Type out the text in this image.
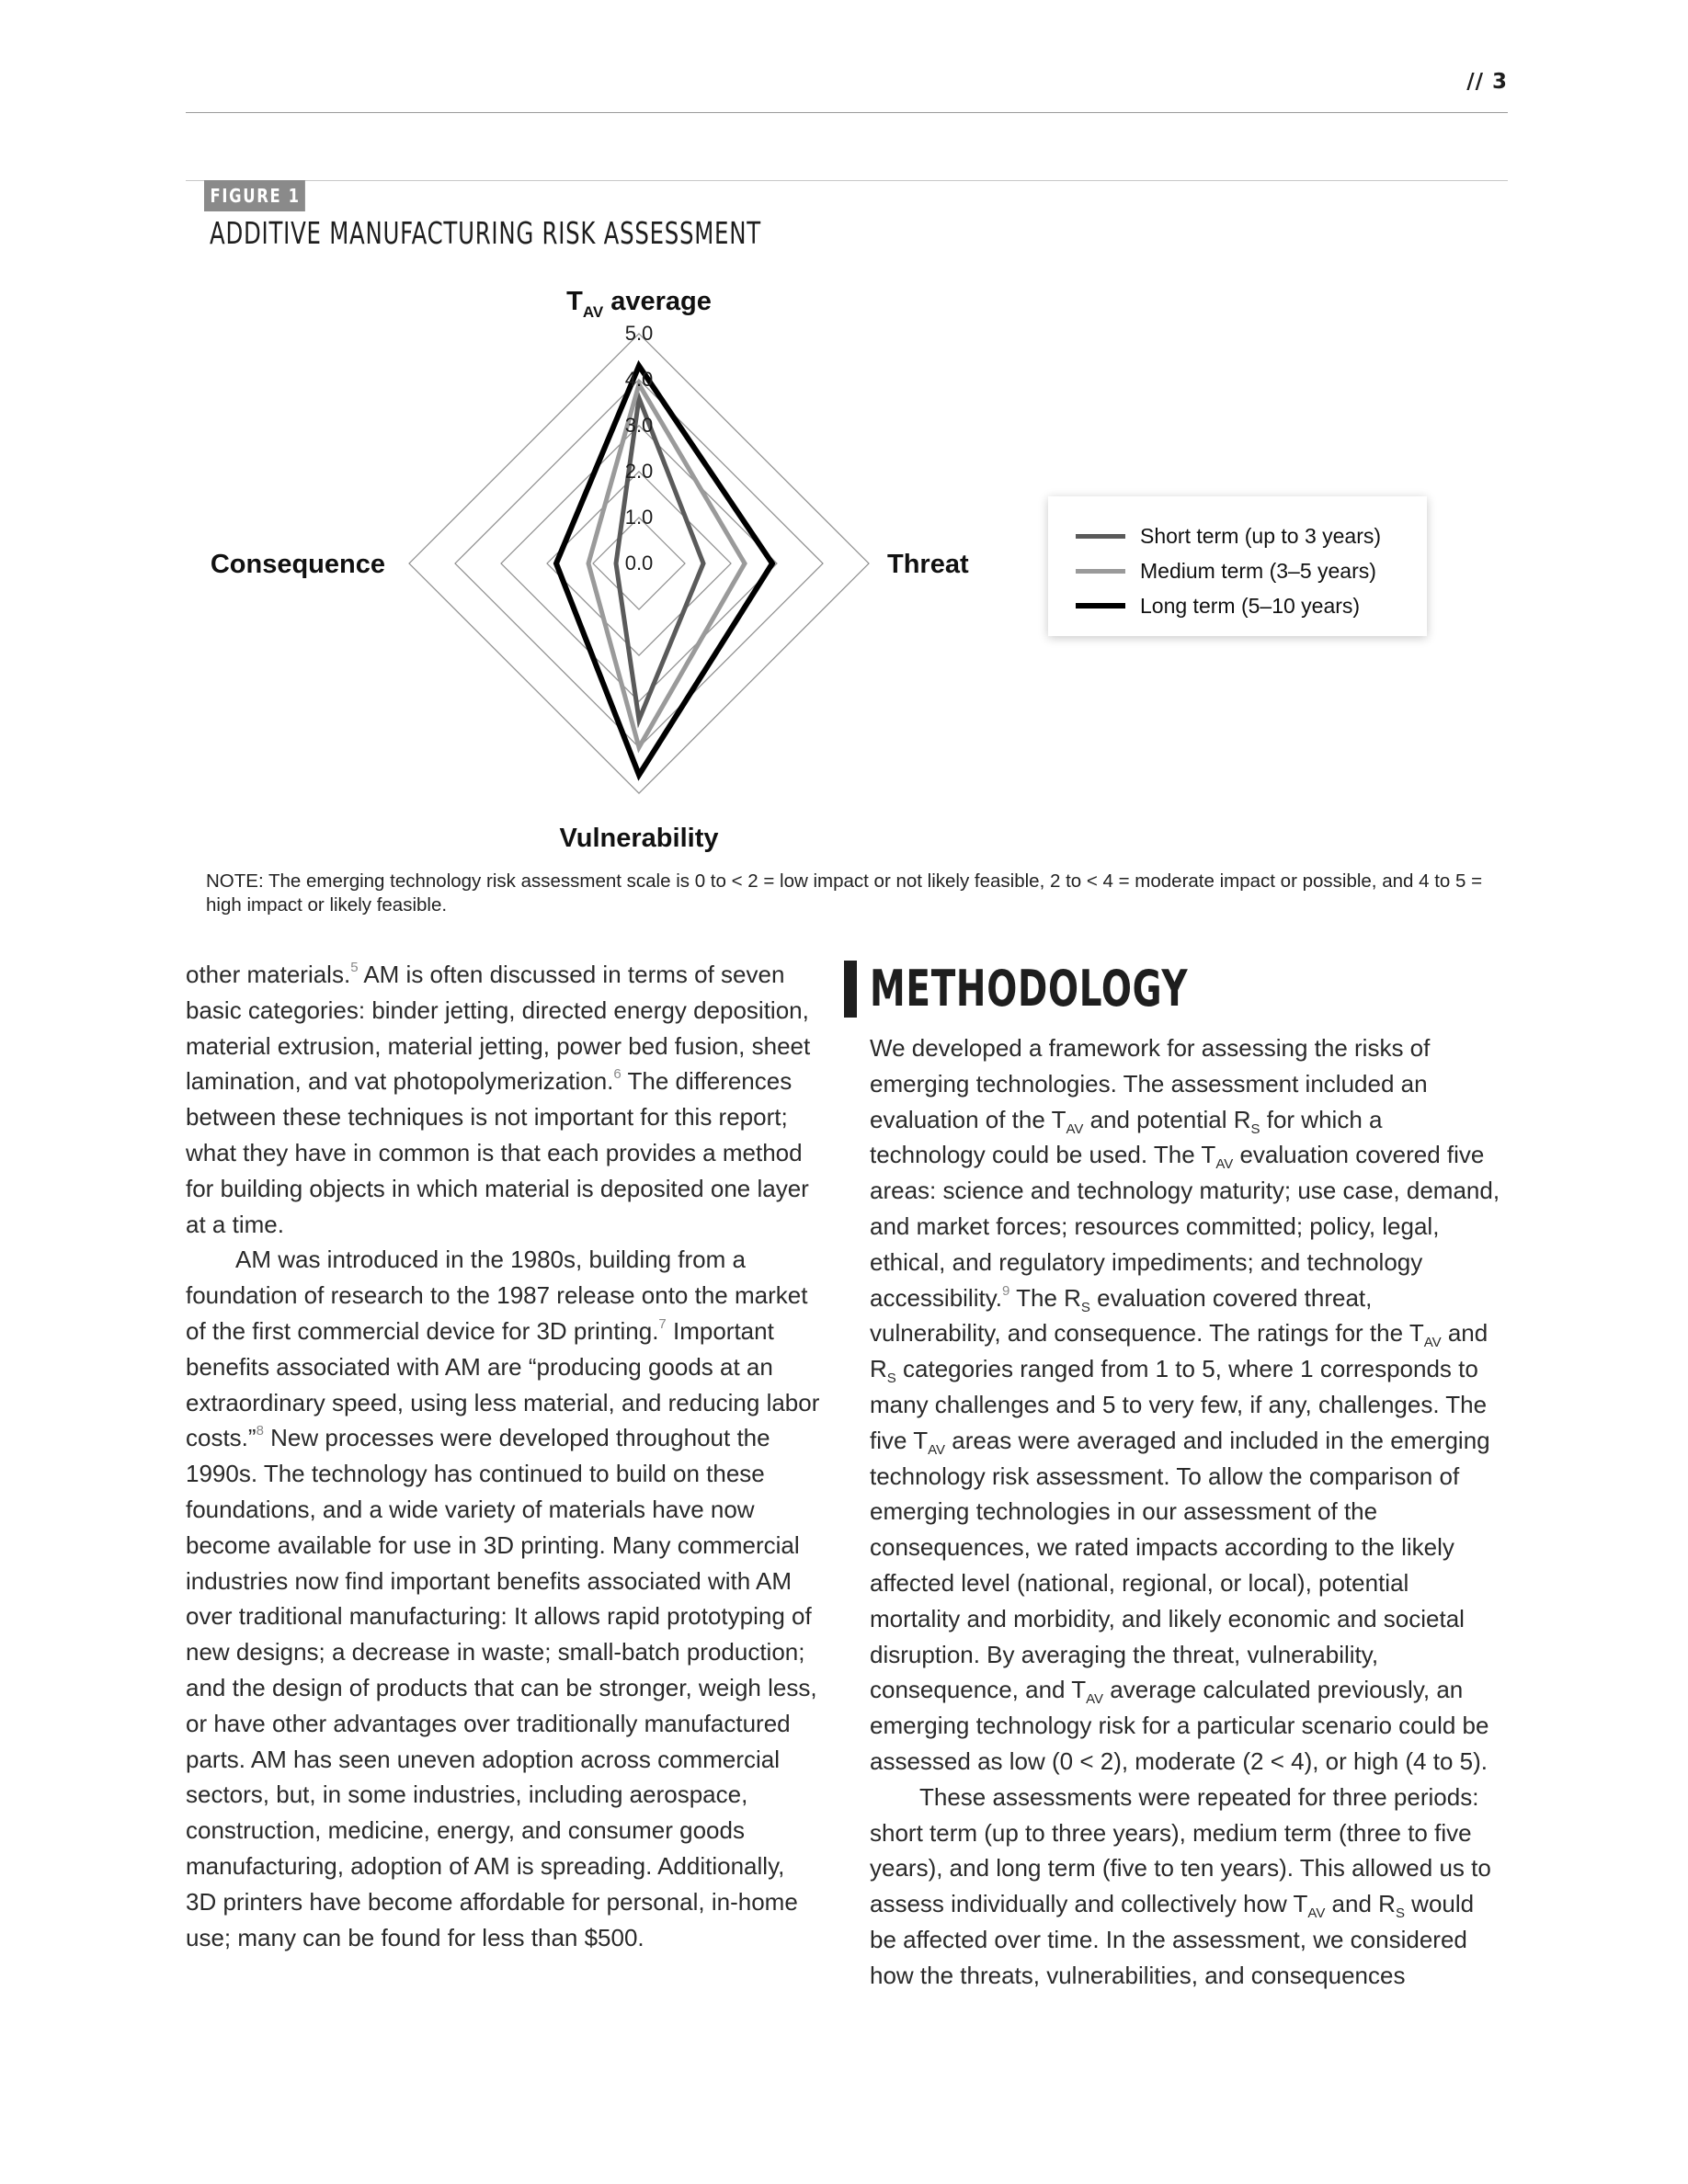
// 3
FIGURE 1
ADDITIVE MANUFACTURING RISK ASSESSMENT
0.0
1.0
2.0
3.0
4.0
5.0
$T_{AV}$ average
Threat
Vulnerability
Consequence
Short term (up to 3 years)
Medium term (3–5 years)
Long term (5–10 years)
NOTE: The emerging technology risk assessment scale is 0 to < 2 = low impact or not likely feasible, 2 to < 4 = moderate impact or possible, and 4 to 5 = high impact or likely feasible.

other materials.$^5$ AM is often discussed in terms of seven basic categories: binder jetting, directed energy deposition, material extrusion, material jetting, power bed fusion, sheet lamination, and vat photopolymerization.$^6$ The differences between these techniques is not important for this report; what they have in common is that each provides a method for building objects in which material is deposited one layer at a time.

AM was introduced in the 1980s, building from a foundation of research to the 1987 release onto the market of the first commercial device for 3D printing.$^7$ Important benefits associated with AM are “producing goods at an extraordinary speed, using less material, and reducing labor costs.”$^8$ New processes were developed throughout the 1990s. The technology has continued to build on these foundations, and a wide variety of materials have now become available for use in 3D printing. Many commercial industries now find important benefits associated with AM over traditional manufacturing: It allows rapid prototyping of new designs; a decrease in waste; small-batch production; and the design of products that can be stronger, weigh less, or have other advantages over traditionally manufactured parts. AM has seen uneven adoption across commercial sectors, but, in some industries, including aerospace, construction, medicine, energy, and consumer goods manufacturing, adoption of AM is spreading. Additionally, 3D printers have become affordable for personal, in-home use; many can be found for less than $500.

METHODOLOGY

We developed a framework for assessing the risks of emerging technologies. The assessment included an evaluation of the $T_{AV}$ and potential $R_S$ for which a technology could be used. The $T_{AV}$ evaluation covered five areas: science and technology maturity; use case, demand, and market forces; resources committed; policy, legal, ethical, and regulatory impediments; and technology accessibility.$^9$ The $R_S$ evaluation covered threat, vulnerability, and consequence. The ratings for the $T_{AV}$ and $R_S$ categories ranged from 1 to 5, where 1 corresponds to many challenges and 5 to very few, if any, challenges. The five $T_{AV}$ areas were averaged and included in the emerging technology risk assessment. To allow the comparison of emerging technologies in our assessment of the consequences, we rated impacts according to the likely affected level (national, regional, or local), potential mortality and morbidity, and likely economic and societal disruption. By averaging the threat, vulnerability, consequence, and $T_{AV}$ average calculated previously, an emerging technology risk for a particular scenario could be assessed as low (0 < 2), moderate (2 < 4), or high (4 to 5).

These assessments were repeated for three periods: short term (up to three years), medium term (three to five years), and long term (five to ten years). This allowed us to assess individually and collectively how $T_{AV}$ and $R_S$ would be affected over time. In the assessment, we considered how the threats, vulnerabilities, and consequences
